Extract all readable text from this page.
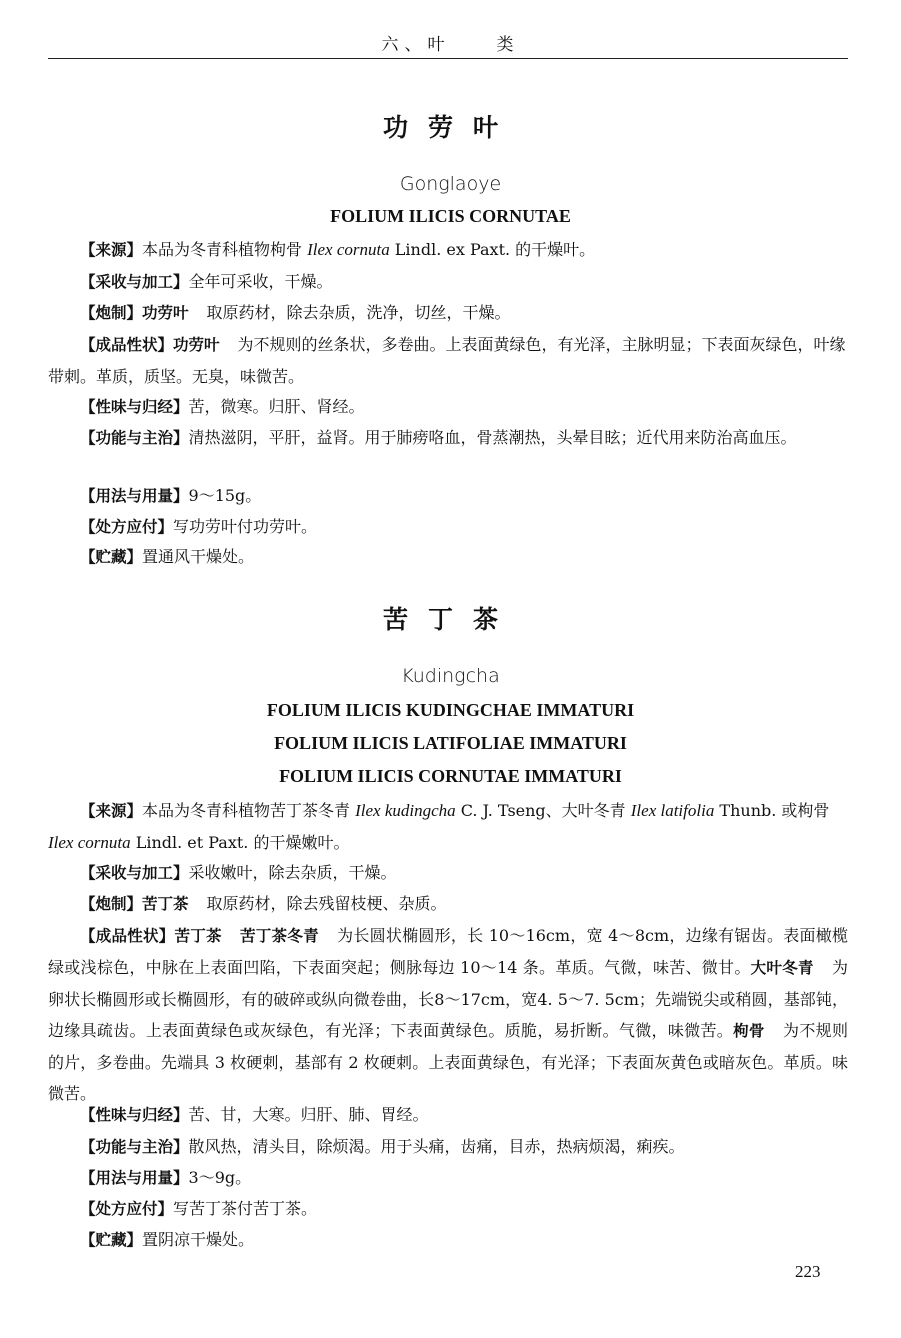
六、叶　　类
功劳叶
Gonglaoye
FOLIUM ILICIS CORNUTAE
【来源】本品为冬青科植物枸骨 Ilex cornuta Lindl. ex Paxt. 的干燥叶。
【采收与加工】全年可采收，干燥。
【炮制】功劳叶 取原药材，除去杂质，洗净，切丝，干燥。
【成品性状】功劳叶 为不规则的丝条状，多卷曲。上表面黄绿色，有光泽，主脉明显；下表面灰绿色，叶缘带刺。革质，质坚。无臭，味微苦。
【性味与归经】苦，微寒。归肝、肾经。
【功能与主治】清热滋阴，平肝，益肾。用于肺痨咯血，骨蒸潮热，头晕目眩；近代用来防治高血压。
【用法与用量】9～15g。
【处方应付】写功劳叶付功劳叶。
【贮藏】置通风干燥处。
苦丁茶
Kudingcha
FOLIUM ILICIS KUDINGCHAE IMMATURI
FOLIUM ILICIS LATIFOLIAE IMMATURI
FOLIUM ILICIS CORNUTAE IMMATURI
【来源】本品为冬青科植物苦丁茶冬青 Ilex kudingcha C. J. Tseng、大叶冬青 Ilex latifolia Thunb. 或枸骨 Ilex cornuta Lindl. et Paxt. 的干燥嫩叶。
【采收与加工】采收嫩叶，除去杂质，干燥。
【炮制】苦丁茶 取原药材，除去残留枝梗、杂质。
【成品性状】苦丁茶 苦丁茶冬青 为长圆状椭圆形，长 10～16cm，宽 4～8cm，边缘有锯齿。表面橄榄绿或浅棕色，中脉在上表面凹陷，下表面突起；侧脉每边 10～14 条。革质。气微，味苦、微甘。大叶冬青 为卵状长椭圆形或长椭圆形，有的破碎或纵向微卷曲，长8～17cm，宽4. 5～7. 5cm；先端锐尖或稍圆，基部钝，边缘具疏齿。上表面黄绿色或灰绿色，有光泽；下表面黄绿色。质脆，易折断。气微，味微苦。枸骨 为不规则的片，多卷曲。先端具 3 枚硬刺，基部有 2 枚硬刺。上表面黄绿色，有光泽；下表面灰黄色或暗灰色。革质。味微苦。
【性味与归经】苦、甘，大寒。归肝、肺、胃经。
【功能与主治】散风热，清头目，除烦渴。用于头痛，齿痛，目赤，热病烦渴，痢疾。
【用法与用量】3～9g。
【处方应付】写苦丁茶付苦丁茶。
【贮藏】置阴凉干燥处。
223
